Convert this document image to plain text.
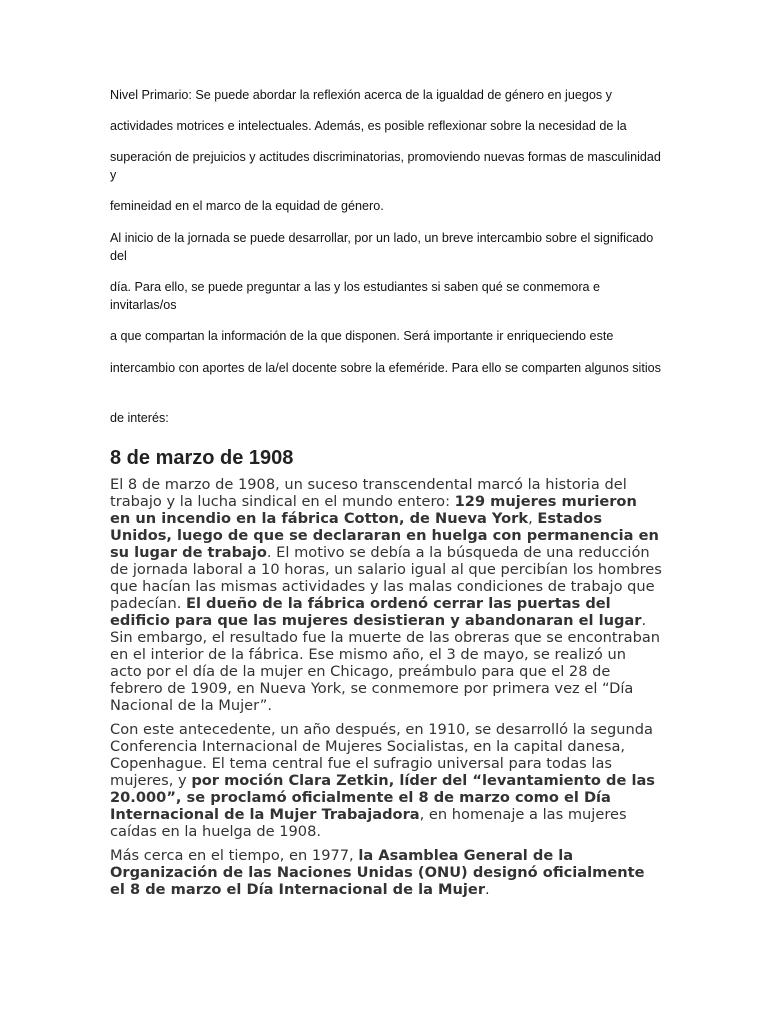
Nivel Primario: Se puede abordar la reflexión acerca de la igualdad de género en juegos y

actividades motrices e intelectuales. Además, es posible reflexionar sobre la necesidad de la

superación de prejuicios y actitudes discriminatorias, promoviendo nuevas formas de masculinidad y

femineidad en el marco de la equidad de género.

Al inicio de la jornada se puede desarrollar, por un lado, un breve intercambio sobre el significado del

día. Para ello, se puede preguntar a las y los estudiantes si saben qué se conmemora e invitarlas/os

a que compartan la información de la que disponen. Será importante ir enriqueciendo este

intercambio con aportes de la/el docente sobre la efeméride. Para ello se comparten algunos sitios

de interés:

8 de marzo de 1908

El 8 de marzo de 1908, un suceso transcendental marcó la historia del trabajo y la lucha sindical en el mundo entero: 129 mujeres murieron en un incendio en la fábrica Cotton, de Nueva York, Estados Unidos, luego de que se declararan en huelga con permanencia en su lugar de trabajo. El motivo se debía a la búsqueda de una reducción de jornada laboral a 10 horas, un salario igual al que percibían los hombres que hacían las mismas actividades y las malas condiciones de trabajo que padecían. El dueño de la fábrica ordenó cerrar las puertas del edificio para que las mujeres desistieran y abandonaran el lugar. Sin embargo, el resultado fue la muerte de las obreras que se encontraban en el interior de la fábrica. Ese mismo año, el 3 de mayo, se realizó un acto por el día de la mujer en Chicago, preámbulo para que el 28 de febrero de 1909, en Nueva York, se conmemore por primera vez el “Día Nacional de la Mujer”.

Con este antecedente, un año después, en 1910, se desarrolló la segunda Conferencia Internacional de Mujeres Socialistas, en la capital danesa, Copenhague. El tema central fue el sufragio universal para todas las mujeres, y por moción Clara Zetkin, líder del “levantamiento de las 20.000”, se proclamó oficialmente el 8 de marzo como el Día Internacional de la Mujer Trabajadora, en homenaje a las mujeres caídas en la huelga de 1908.

Más cerca en el tiempo, en 1977, la Asamblea General de la Organización de las Naciones Unidas (ONU) designó oficialmente el 8 de marzo el Día Internacional de la Mujer.
